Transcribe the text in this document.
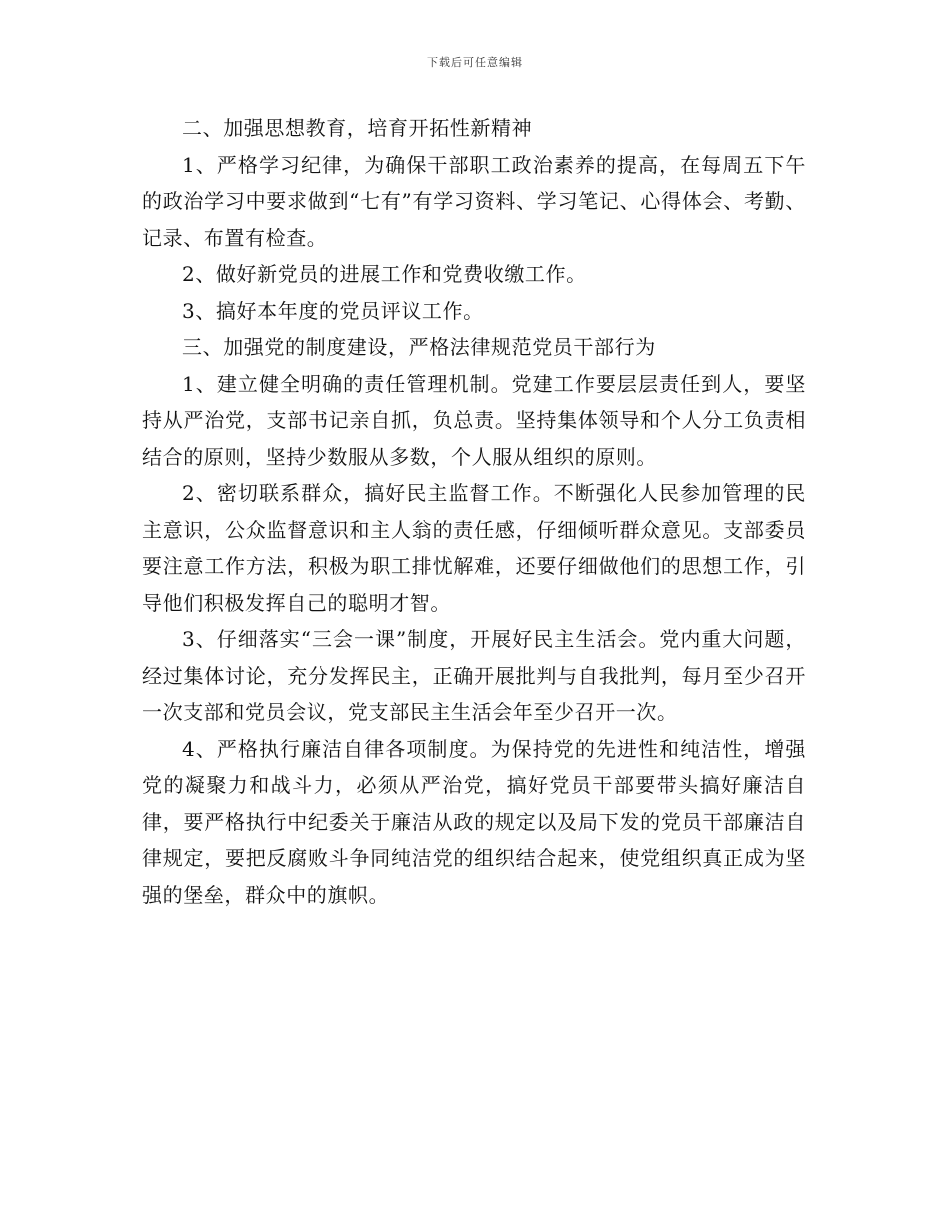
下载后可任意编辑

二、加强思想教育，培育开拓性新精神

1、严格学习纪律，为确保干部职工政治素养的提高，在每周五下午的政治学习中要求做到“七有”有学习资料、学习笔记、心得体会、考勤、记录、布置有检查。

2、做好新党员的进展工作和党费收缴工作。

3、搞好本年度的党员评议工作。

三、加强党的制度建设，严格法律规范党员干部行为

1、建立健全明确的责任管理机制。党建工作要层层责任到人，要坚持从严治党，支部书记亲自抓，负总责。坚持集体领导和个人分工负责相结合的原则，坚持少数服从多数，个人服从组织的原则。

2、密切联系群众，搞好民主监督工作。不断强化人民参加管理的民主意识，公众监督意识和主人翁的责任感，仔细倾听群众意见。支部委员要注意工作方法，积极为职工排忧解难，还要仔细做他们的思想工作，引导他们积极发挥自己的聪明才智。

3、仔细落实“三会一课”制度，开展好民主生活会。党内重大问题，经过集体讨论，充分发挥民主，正确开展批判与自我批判，每月至少召开一次支部和党员会议，党支部民主生活会年至少召开一次。

4、严格执行廉洁自律各项制度。为保持党的先进性和纯洁性，增强党的凝聚力和战斗力，必须从严治党，搞好党员干部要带头搞好廉洁自律，要严格执行中纪委关于廉洁从政的规定以及局下发的党员干部廉洁自律规定，要把反腐败斗争同纯洁党的组织结合起来，使党组织真正成为坚强的堡垒，群众中的旗帜。
